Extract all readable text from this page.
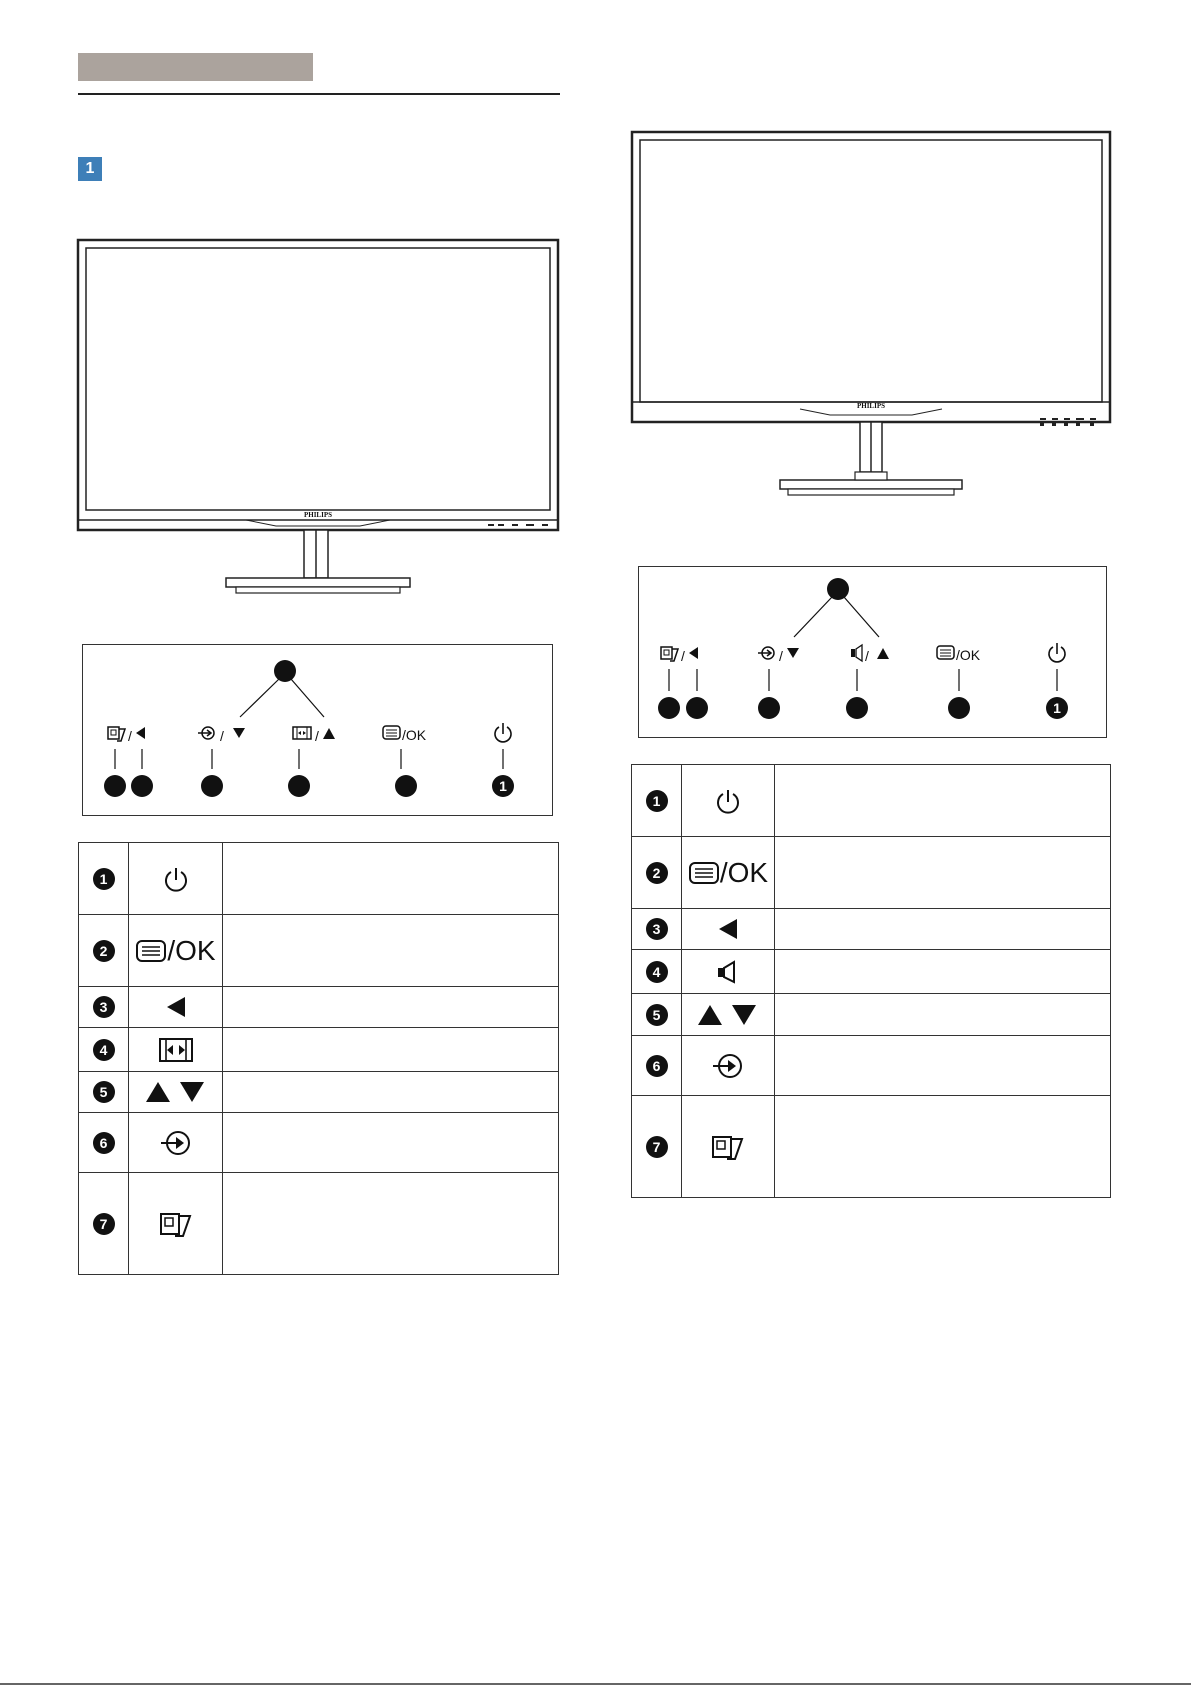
1
PHILIPS
PHILIPS
/	/	/	/OK
1
/	/	/	/OK
1
1		
2	/OK	
3		
4		
5		
6		
7		
1		
2	/OK	
3		
4		
5		
6		
7		
